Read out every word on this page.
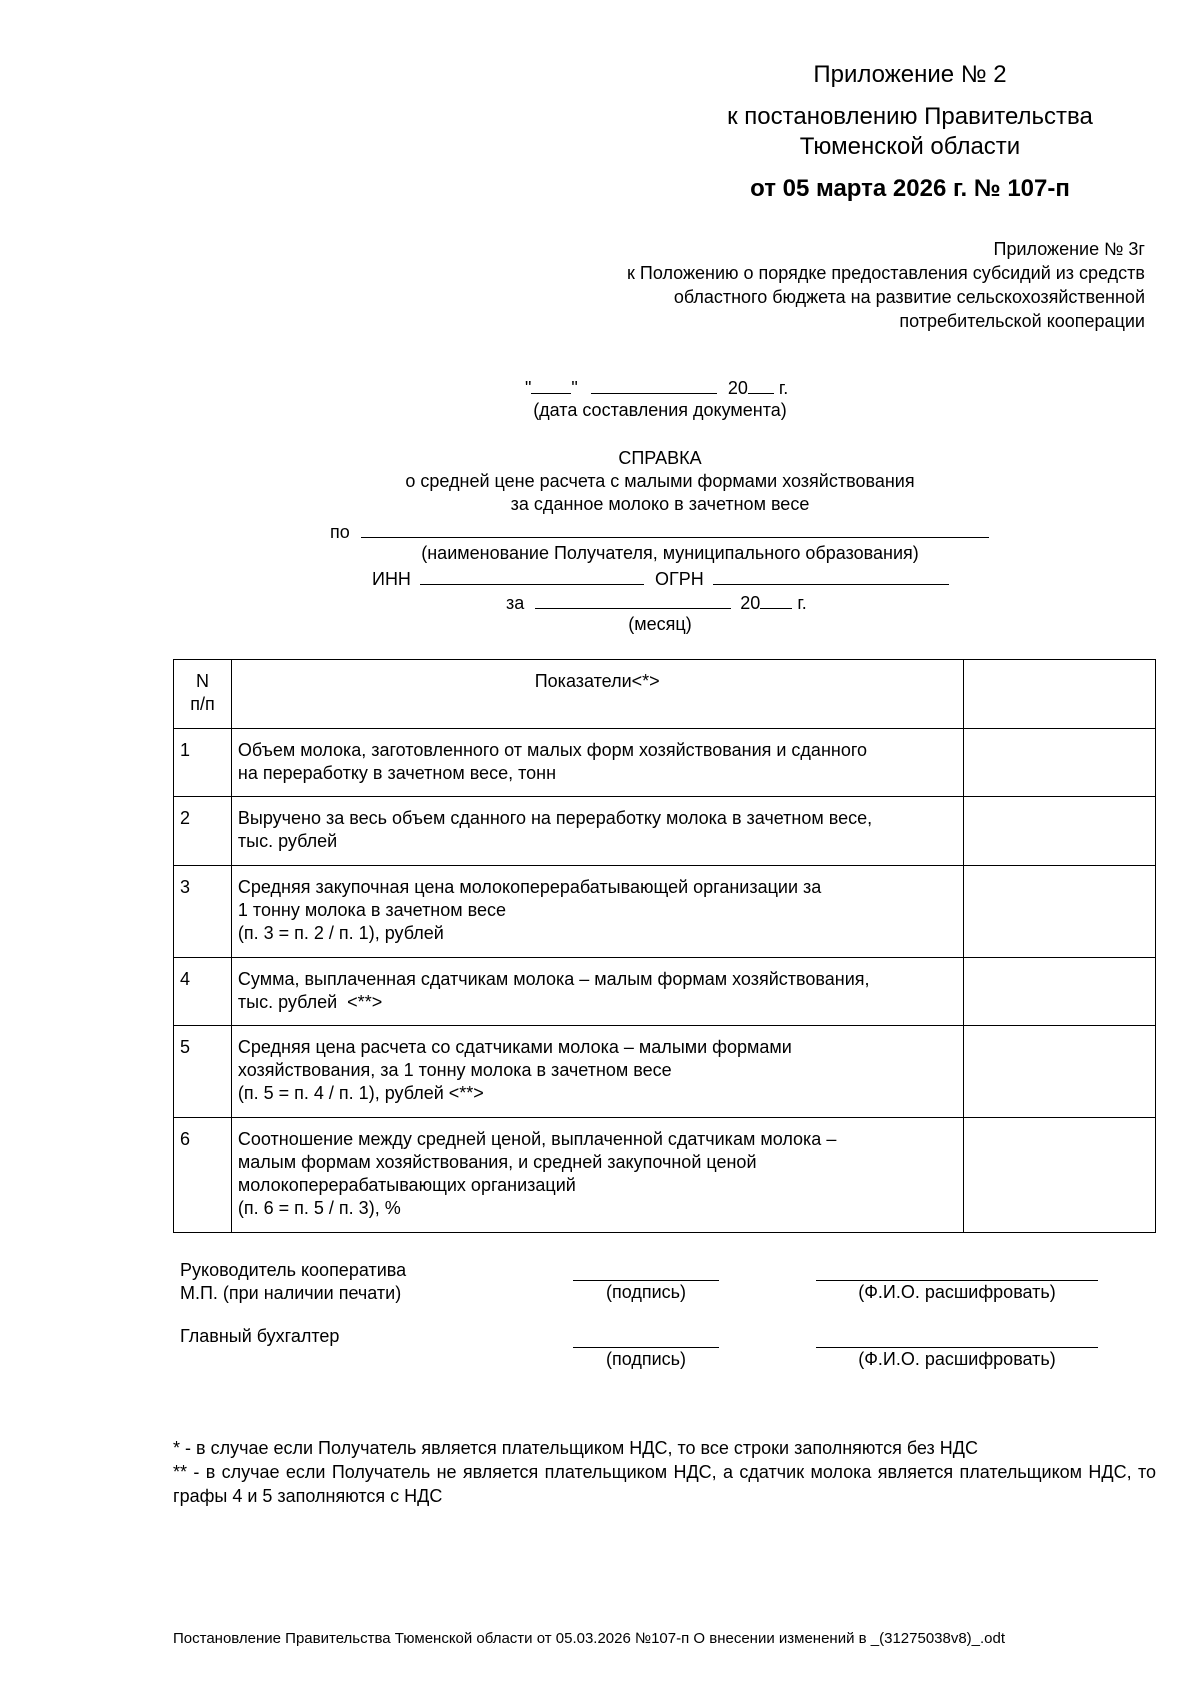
Приложение № 2
к постановлению Правительства
Тюменской области
от 05 марта 2026 г. № 107-п
Приложение № 3г
к Положению о порядке предоставления субсидий из средств
областного бюджета на развитие сельскохозяйственной
потребительской кооперации
" "	20 г.
(дата составления документа)
СПРАВКА
о средней цене расчета с малыми формами хозяйствования
за сданное молоко в зачетном весе
по
(наименование Получателя, муниципального образования)
ИНН	ОГРН
за	20 г.
(месяц)
N
п/п	Показатели<*>	
1	Объем молока, заготовленного от малых форм хозяйствования и сданного
на переработку в зачетном весе, тонн	

2	Выручено за весь объем сданного на переработку молока в зачетном весе,
тыс. рублей	

3	Средняя закупочная цена молокоперерабатывающей организации за
1 тонну молока в зачетном весе
(п. 3 = п. 2 / п. 1), рублей	

4	Сумма, выплаченная сдатчикам молока – малым формам хозяйствования,
тыс. рублей  <**>	

5	Средняя цена расчета со сдатчиками молока – малыми формами
хозяйствования, за 1 тонну молока в зачетном весе
(п. 5 = п. 4 / п. 1), рублей <**>	

6	Соотношение между средней ценой, выплаченной сдатчикам молока –
малым формам хозяйствования, и средней закупочной ценой
молокоперерабатывающих организаций
(п. 6 = п. 5 / п. 3), %	

Руководитель кооператива
М.П. (при наличии печати)	(подпись)	(Ф.И.О. расшифровать)
Главный бухгалтер
(подпись)	(Ф.И.О. расшифровать)
* - в случае если Получатель является плательщиком НДС, то все строки заполняются без НДС
** - в случае если Получатель не является плательщиком НДС, а сдатчик молока является плательщиком НДС, то графы 4 и 5 заполняются с НДС
Постановление Правительства Тюменской области от 05.03.2026 №107-п О внесении изменений в _(31275038v8)_.odt
